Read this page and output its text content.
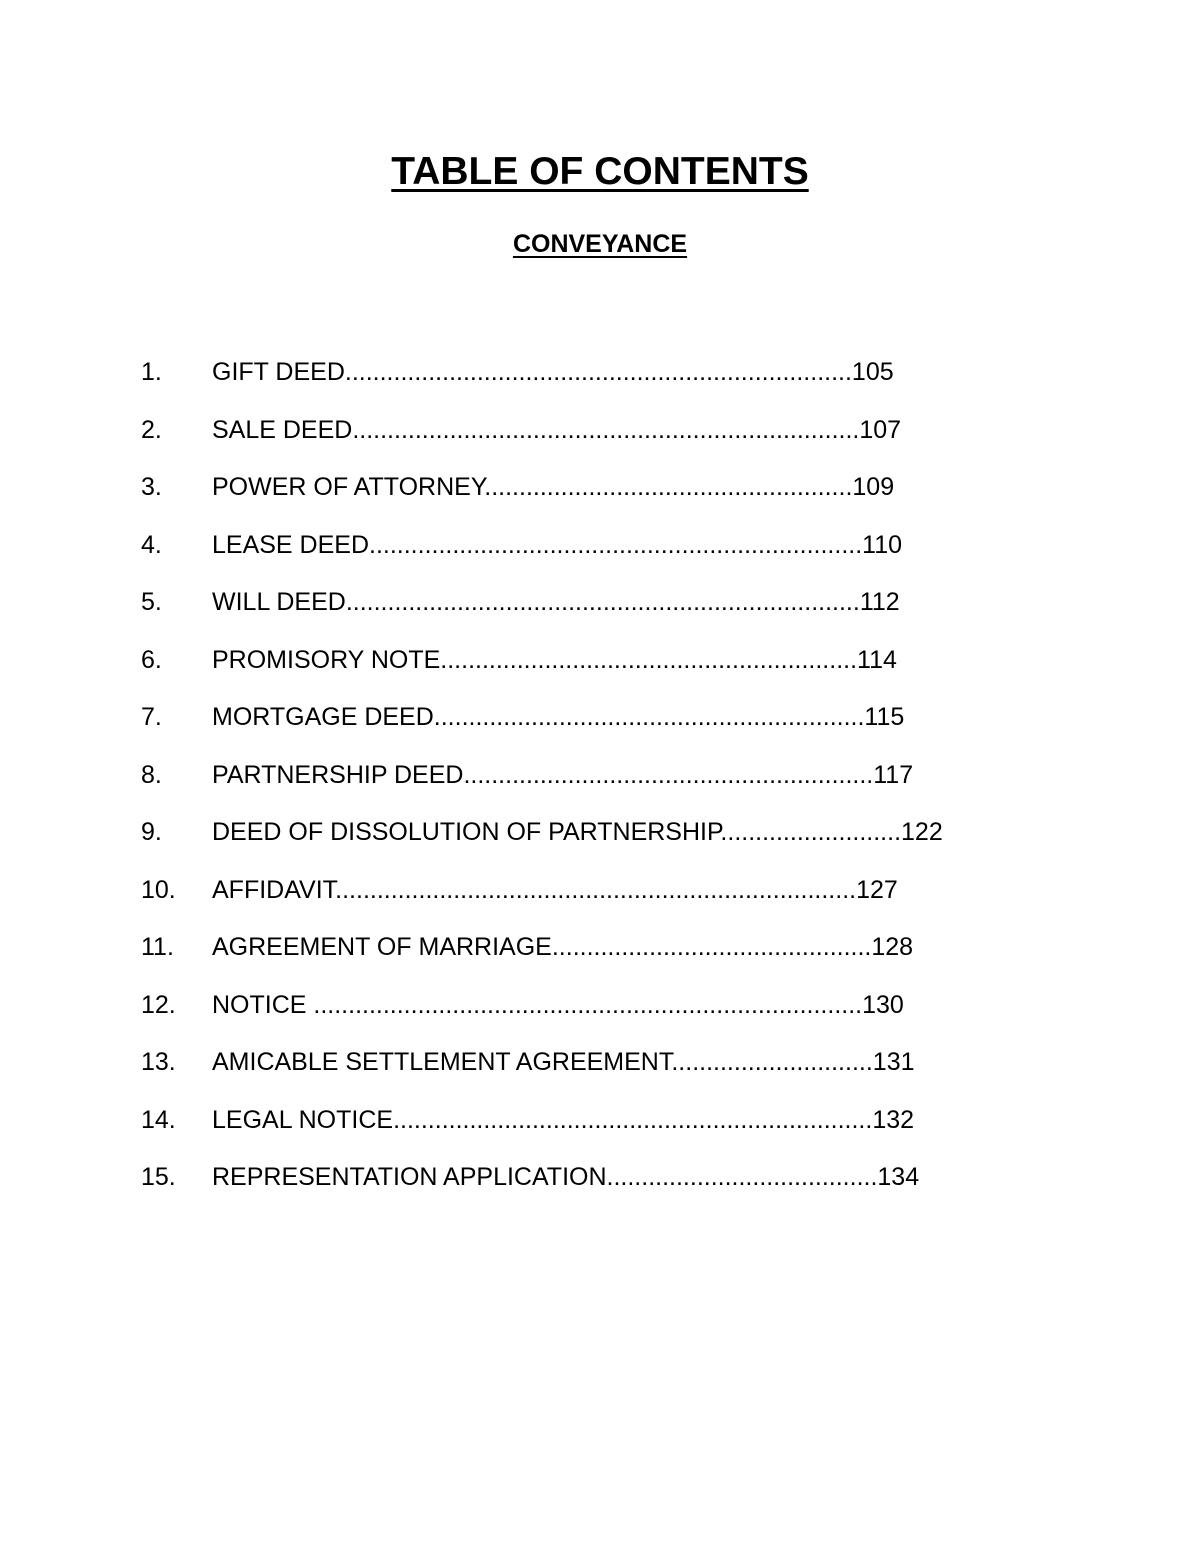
TABLE OF CONTENTS
CONVEYANCE
1. GIFT DEED.........................................................................105
2. SALE DEED.........................................................................107
3. POWER OF ATTORNEY.....................................................109
4. LEASE DEED.......................................................................110
5. WILL DEED..........................................................................112
6. PROMISORY NOTE............................................................114
7. MORTGAGE DEED..............................................................115
8. PARTNERSHIP DEED...........................................................117
9. DEED OF DISSOLUTION OF PARTNERSHIP..........................122
10. AFFIDAVIT...........................................................................127
11. AGREEMENT OF MARRIAGE..............................................128
12. NOTICE ...............................................................................130
13. AMICABLE SETTLEMENT AGREEMENT.............................131
14. LEGAL NOTICE.....................................................................132
15. REPRESENTATION APPLICATION.......................................134
